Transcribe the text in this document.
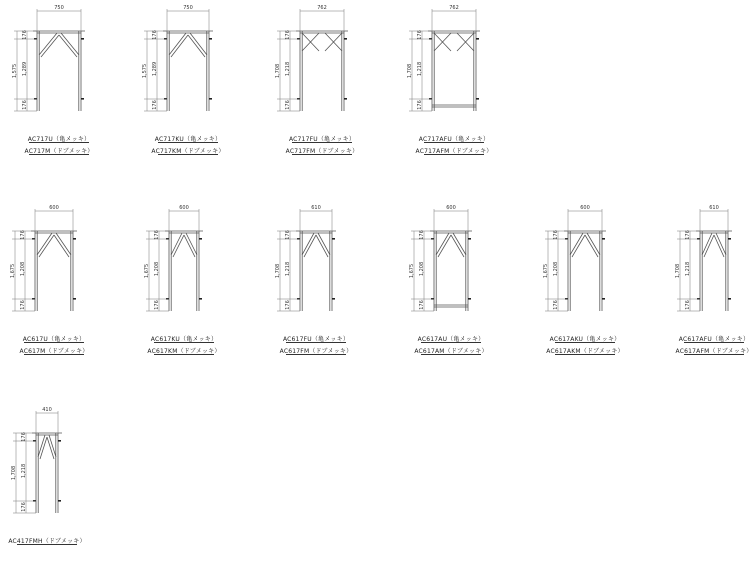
750
176
1,289
1,575
176
AC717U（亀メッキ）
AC717M（ドブメッキ）
750
176
1,289
1,575
176
AC717KU（亀メッキ）
AC717KM（ドブメッキ）
762
176
1,218
1,708
176
AC717FU（亀メッキ）
AC717FM（ドブメッキ）
762
176
1,218
1,708
176
AC717AFU（亀メッキ）
AC717AFM（ドブメッキ）
600
176
1,208
1,675
176
AC617U（亀メッキ）
AC617M（ドブメッキ）
600
176
1,208
1,675
176
AC617KU（亀メッキ）
AC617KM（ドブメッキ）
610
176
1,218
1,708
176
AC617FU（亀メッキ）
AC617FM（ドブメッキ）
600
176
1,208
1,675
176
AC617AU（亀メッキ）
AC617AM（ドブメッキ）
600
176
1,208
1,675
176
AC617AKU（亀メッキ）
AC617AKM（ドブメッキ）
610
176
1,218
1,708
176
AC617AFU（亀メッキ）
AC617AFM（ドブメッキ）
410
176
1,218
1,708
176
AC417FMH（ドブメッキ）
